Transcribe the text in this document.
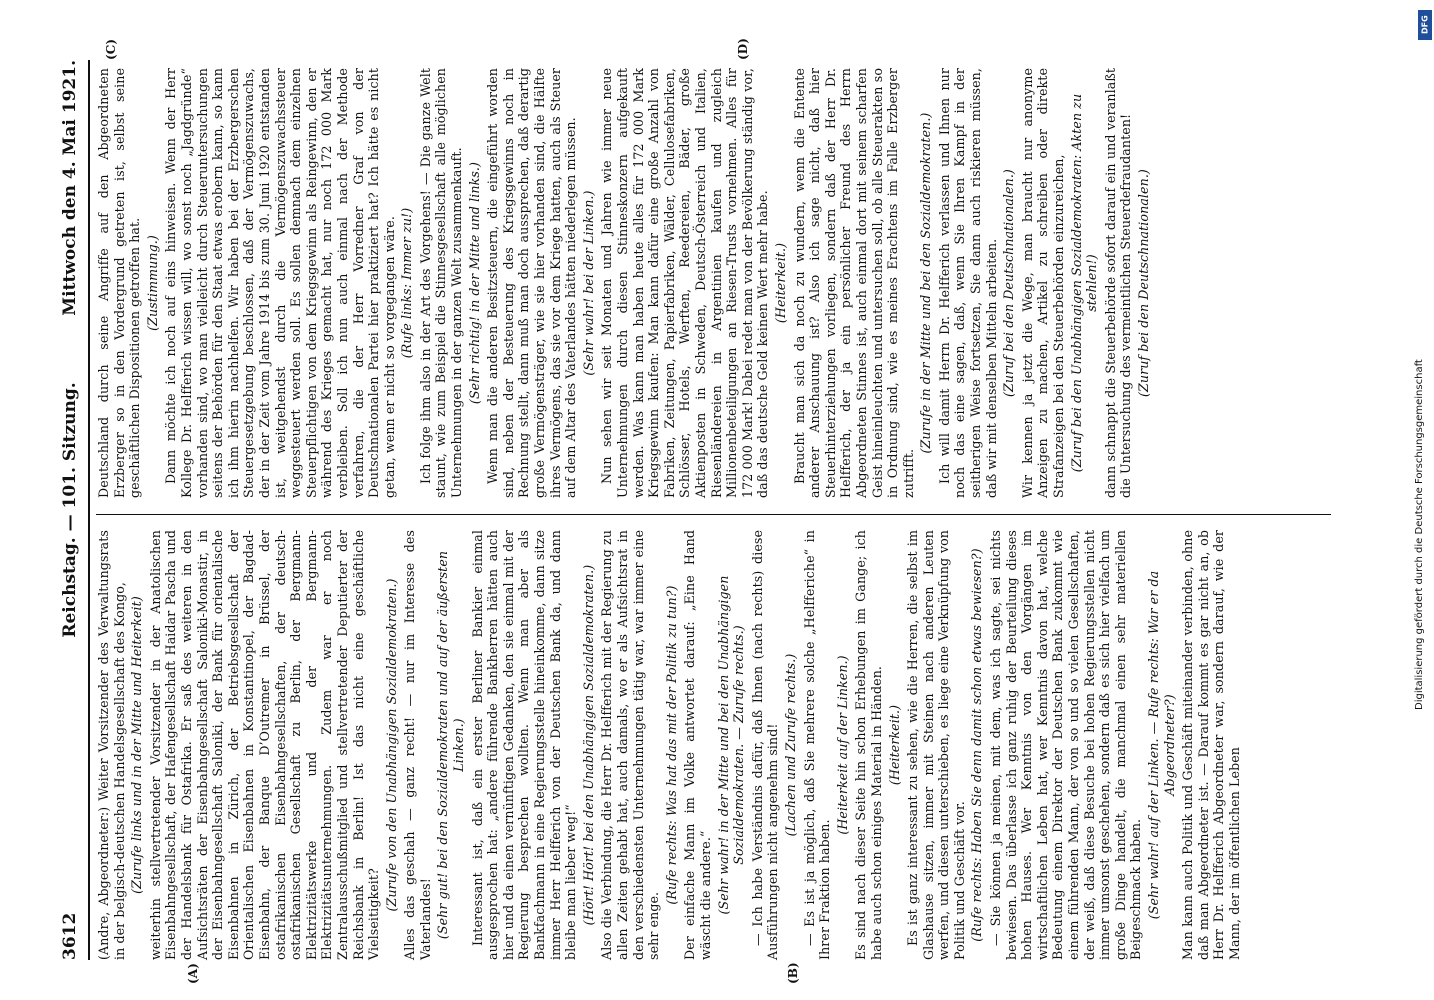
3612
Reichstag. — 101. Sitzung.
Mittwoch den 4. Mai 1921.

(Andre, Abgeordneter:) Weiter Vorsitzender des Verwaltungsrats in der belgisch-deutschen Handelsgesellschaft des Kongo, (Zurufe links und in der Mitte und Heiterkeit) weiterhin stellvertretender Vorsitzender in der Anatolischen Eisenbahngesellschaft, der Hafengesellschaft Haidar Pascha und der Handelsbank für Ostafrika. Er saß des weiteren in den Aufsichtsräten der Eisenbahngesellschaft Saloniki-Monastir, in der Eisenbahngesellschaft Saloniki, der Bank für orientalische Eisenbahnen in Zürich, der Betriebsgesellschaft der Orientalischen Eisenbahnen in Konstantinopel, der Bagdad-Eisenbahn, der Banque D’Outremer in Brüssel, der ostafrikanischen Eisenbahngesellschaften, der deutsch-ostafrikanischen Gesellschaft zu Berlin, der Bergmann-Elektrizitätswerke und der Bergmann-Elektrizitätsunternehmungen. Zudem war er noch Zentralausschußmitglied und stellvertretender Deputierter der Reichsbank in Berlin! Ist das nicht eine geschäftliche Vielseitigkeit?

(Zurufe von den Unabhängigen Sozialdemokraten.) Alles das geschah — ganz recht! — nur im Interesse des Vaterlandes! (Sehr gut! bei den Sozialdemokraten und auf der äußersten Linken.) Interessant ist, daß ein erster Berliner Bankier einmal ausgesprochen hat: „andere führende Bankherren hätten auch hier und da einen vernünftigen Gedanken, den sie einmal mit der Regierung besprechen wollten. Wenn man aber als Bankfachmann in eine Regierungsstelle hineinkomme, dann sitze immer Herr Helfferich von der Deutschen Bank da, und dann bleibe man lieber weg!“ (Hört! Hört! bei den Unabhängigen Sozialdemokraten.) Also die Verbindung, die Herr Dr. Helfferich mit der Regierung zu allen Zeiten gehabt hat, auch damals, wo er als Aufsichtsrat in den verschiedensten Unternehmungen tätig war, war immer eine sehr enge.

(Rufe rechts: Was hat das mit der Politik zu tun?) Der einfache Mann im Volke antwortet darauf: „Eine Hand wäscht die andere.“ (Sehr wahr! in der Mitte und bei den Unabhängigen Sozialdemokraten. — Zurufe rechts.) — Ich habe Verständnis dafür, daß Ihnen (nach rechts) diese Ausführungen nicht angenehm sind! (Lachen und Zurufe rechts.) — Es ist ja möglich, daß Sie mehrere solche „Helfferiche“ in Ihrer Fraktion haben.

(Heiterkeit auf der Linken.) Es sind nach dieser Seite hin schon Erhebungen im Gange; ich habe auch schon einiges Material in Händen. (Heiterkeit.) Es ist ganz interessant zu sehen, wie die Herren, die selbst im Glashause sitzen, immer mit Steinen nach anderen Leuten werfen, und diesen unterschieben, es liege eine Verknüpfung von Politik und Geschäft vor. (Rufe rechts: Haben Sie denn damit schon etwas bewiesen?) — Sie können ja meinen, mit dem, was ich sagte, sei nichts bewiesen. Das überlasse ich ganz ruhig der Beurteilung dieses hohen Hauses. Wer Kenntnis von den Vorgängen im wirtschaftlichen Leben hat, wer Kenntnis davon hat, welche Bedeutung einem Direktor der Deutschen Bank zukommt wie einem führenden Mann, der von so und so vielen Gesellschaften, der weiß, daß diese Besuche bei hohen Regierungsstellen nicht immer umsonst geschehen, sondern daß es sich hier vielfach um große Dinge handelt, die manchmal einen sehr materiellen Beigeschmack haben. (Sehr wahr! auf der Linken. — Rufe rechts: War er da Abgeordneter?) Man kann auch Politik und Geschäft miteinander verbinden, ohne daß man Abgeordneter ist. — Darauf kommt es gar nicht an, ob Herr Dr. Helfferich Abgeordneter war, sondern darauf, wie der Mann, der im öffentlichen Leben

(A)	(B)

Deutschland durch seine Angriffe auf den Abgeordneten Erzberger so in den Vordergrund getreten ist, selbst seine geschäftlichen Dispositionen getroffen hat. (Zustimmung.) Dann möchte ich noch auf eins hinweisen. Wenn der Herr Kollege Dr. Helfferich wissen will, wo sonst noch „Jagdgründe“ vorhanden sind, wo man vielleicht durch Steueruntersuchungen seitens der Behörden für den Staat etwas erobern kann, so kann ich ihm hierin nachhelfen. Wir haben bei der Erzbergerschen Steuergesetzgebung beschlossen, daß der Vermögenszuwachs, der in der Zeit vom Jahre 1914 bis zum 30. Juni 1920 entstanden ist, weitgehendst durch die Vermögenszuwachssteuer weggesteuert werden soll. Es sollen demnach dem einzelnen Steuerpflichtigen von dem Kriegsgewinn als Reingewinn, den er während des Krieges gemacht hat, nur noch 172 000 Mark verbleiben. Soll ich nun auch einmal nach der Methode verfahren, die der Herr Vorredner Graf von der Deutschnationalen Partei hier praktiziert hat? Ich hätte es nicht getan, wenn er nicht so vorgegangen wäre. (Rufe links: Immer zu!) Ich folge ihm also in der Art des Vorgehens! — Die ganze Welt staunt, wie zum Beispiel die Stinnesgesellschaft alle möglichen Unternehmungen in der ganzen Welt zusammenkauft. (Sehr richtig! in der Mitte und links.) Wenn man die anderen Besitzsteuern, die eingeführt worden sind, neben der Besteuerung des Kriegsgewinns noch in Rechnung stellt, dann muß man doch aussprechen, daß derartig große Vermögensträger, wie sie hier vorhanden sind, die Hälfte ihres Vermögens, das sie vor dem Kriege hatten, auch als Steuer auf dem Altar des Vaterlandes hätten niederlegen müssen. (Sehr wahr! bei der Linken.) Nun sehen wir seit Monaten und Jahren wie immer neue Unternehmungen durch diesen Stinneskonzern aufgekauft werden. Was kann man haben heute alles für 172 000 Mark Kriegsgewinn kaufen: Man kann dafür eine große Anzahl von Fabriken, Zeitungen, Papierfabriken, Wälder, Cellulosefabriken, Schlösser, Hotels, Werften, Reedereien, Bäder, große Aktienposten in Schweden, Deutsch-Österreich und Italien, Riesenländereien in Argentinien kaufen und zugleich Millionenbeteiligungen an Riesen-Trusts vornehmen. Alles für 172 000 Mark! Dabei redet man von der Bevölkerung ständig vor, daß das deutsche Geld keinen Wert mehr habe. (Heiterkeit.) Braucht man sich da noch zu wundern, wenn die Entente anderer Anschauung ist? Also ich sage nicht, daß hier Steuerhinterziehungen vorliegen, sondern daß der Herr Dr. Helfferich, der ja ein persönlicher Freund des Herrn Abgeordneten Stinnes ist, auch einmal dort mit seinem scharfen Geist hineinleuchten und untersuchen soll, ob alle Steuerakten so in Ordnung sind, wie es meines Erachtens im Falle Erzberger zutrifft.

(Zurufe in der Mitte und bei den Sozialdemokraten.) Ich will damit Herrn Dr. Helfferich verlassen und Ihnen nur noch das eine sagen, daß, wenn Sie Ihren Kampf in der seitherigen Weise fortsetzen, Sie dann auch riskieren müssen, daß wir mit denselben Mitteln arbeiten. (Zuruf bei den Deutschnationalen.) Wir kennen ja jetzt die Wege, man braucht nur anonyme Anzeigen zu machen, Artikel zu schreiben oder direkte Strafanzeigen bei den Steuerbehörden einzureichen, (Zuruf bei den Unabhängigen Sozialdemokraten: Akten zu stehlen!) dann schnappt die Steuerbehörde sofort darauf ein und veranlaßt die Untersuchung des vermeintlichen Steuerdefraudanten! (Zuruf bei den Deutschnationalen.)
(C)	(D)
DFG
Digitalisierung gefördert durch die Deutsche Forschungsgemeinschaft
